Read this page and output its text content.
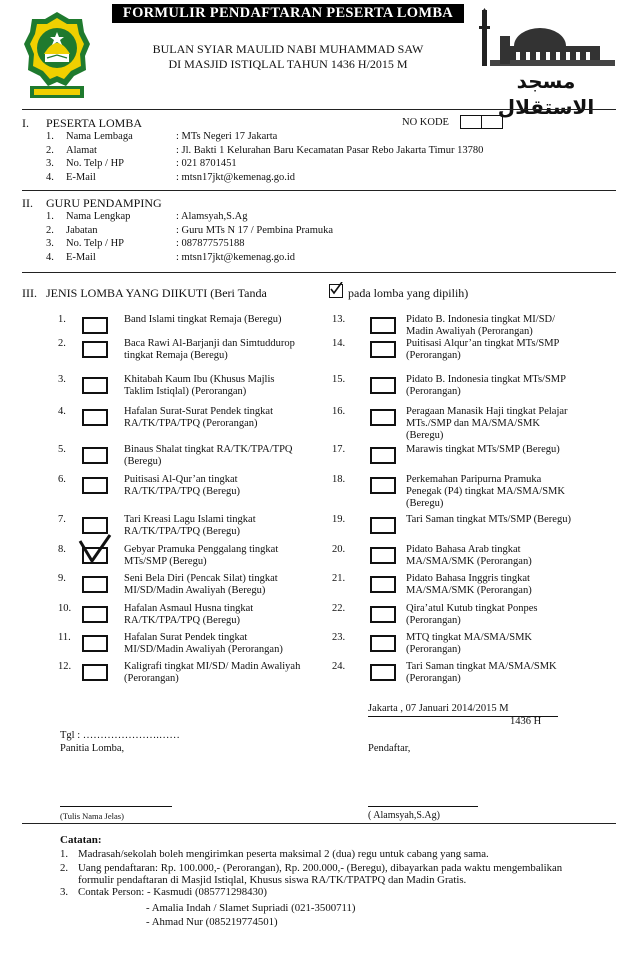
FORMULIR PENDAFTARAN PESERTA LOMBA
BULAN SYIAR MAULID NABI MUHAMMAD SAW
DI MASJID ISTIQLAL TAHUN 1436 H/2015 M
مسجد الاستقلال
I. PESERTA LOMBA	NO KODE
1. Nama Lembaga	: MTs Negeri 17 Jakarta
2. Alamat	: Jl. Bakti 1 Kelurahan Baru Kecamatan Pasar Rebo Jakarta Timur 13780
3. No. Telp / HP	: 021 8701451
4. E-Mail	: mtsn17jkt@kemenag.go.id
II. GURU PENDAMPING
1. Nama Lengkap	: Alamsyah,S.Ag
2. Jabatan	: Guru MTs N 17 / Pembina Pramuka
3. No. Telp / HP	: 087877575188
4. E-Mail	: mtsn17jkt@kemenag.go.id
III. JENIS LOMBA YANG DIIKUTI (Beri Tanda	pada lomba yang dipilih)
1.	Band Islami tingkat Remaja (Beregu)
2.	Baca Rawi Al-Barjanji dan Simtuddurор
tingkat Remaja (Beregu)
3.	Khitabah Kaum Ibu (Khusus Majlis
Taklim Istiqlal) (Perorangan)
4.	Hafalan Surat-Surat Pendek tingkat
RA/TK/TPA/TPQ (Perorangan)
5.	Binaus Shalat tingkat RA/TK/TPA/TPQ
(Beregu)
6.	Puitisasi Al-Qur’an tingkat
RA/TK/TPA/TPQ (Beregu)
7.	Tari Kreasi Lagu Islami tingkat
RA/TK/TPA/TPQ (Beregu)
8.	Gebyar Pramuka Penggalang tingkat
MTs/SMP (Beregu)
9.	Seni Bela Diri (Pencak Silat) tingkat
MI/SD/Madin Awaliyah (Beregu)
10.	Hafalan Asmaul Husna tingkat
RA/TK/TPA/TPQ (Beregu)
11.	Hafalan Surat Pendek tingkat
MI/SD/Madin Awaliyah (Perorangan)
12.	Kaligrafi tingkat MI/SD/ Madin Awaliyah
(Perorangan)
13.	Pidato B. Indonesia tingkat MI/SD/
Madin Awaliyah (Perorangan)
14.	Puitisasi Alqur’an tingkat MTs/SMP
(Perorangan)
15.	Pidato B. Indonesia tingkat MTs/SMP
(Perorangan)
16.	Peragaan Manasik Haji tingkat Pelajar
MTs./SMP dan MA/SMA/SMK
(Beregu)
17.	Marawis tingkat MTs/SMP (Beregu)
18.	Perkemahan Paripurna Pramuka
Penegak (P4) tingkat MA/SMA/SMK
(Beregu)
19.	Tari Saman tingkat MTs/SMP (Beregu)
20.	Pidato Bahasa Arab tingkat
MA/SMA/SMK (Perorangan)
21.	Pidato Bahasa Inggris tingkat
MA/SMA/SMK (Perorangan)
22.	Qira’atul Kutub tingkat Ponpes
(Perorangan)
23.	MTQ tingkat MA/SMA/SMK
(Perorangan)
24.	Tari Saman tingkat MA/SMA/SMK
(Perorangan)
Jakarta , 07 Januari 2014/2015 M
1436 H
Tgl : ………………….……
Panitia Lomba,	Pendaftar,
(Tulis Nama Jelas)	( Alamsyah,S.Ag)
Catatan:
1. Madrasah/sekolah boleh mengirimkan peserta maksimal 2 (dua) regu untuk cabang yang sama.
2. Uang pendaftaran: Rp. 100.000,- (Perorangan), Rp. 200.000,- (Beregu), dibayarkan pada waktu mengembalikan
formulir pendaftaran di Masjid Istiqlal, Khusus siswa RA/TK/TPATPQ dan Madin Gratis.
3. Contak Person: - Kasmudi (085771298430)
- Amalia Indah / Slamet Supriadi (021-3500711)
- Ahmad Nur (085219774501)
